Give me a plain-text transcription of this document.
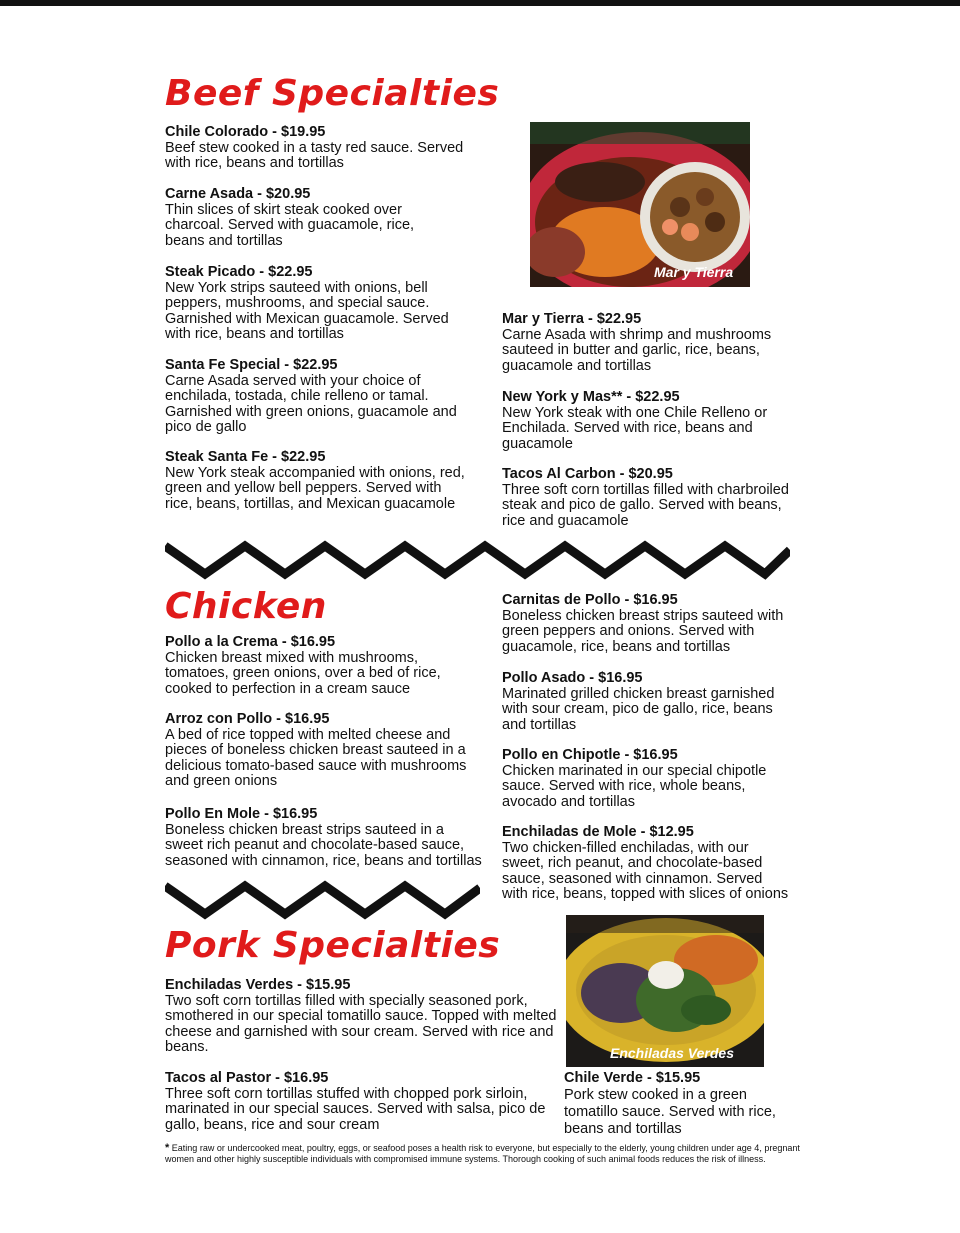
Beef Specialties
Chile Colorado - $19.95
Beef stew cooked in a tasty red sauce. Served with rice, beans and tortillas
Carne Asada - $20.95
Thin slices of skirt steak cooked over charcoal. Served with guacamole, rice, beans and tortillas
Steak Picado - $22.95
New York strips sauteed with onions, bell peppers, mushrooms, and special sauce. Garnished with Mexican guacamole. Served with rice, beans and tortillas
Santa Fe Special - $22.95
Carne Asada served with your choice of enchilada, tostada, chile relleno or tamal. Garnished with green onions, guacamole and pico de gallo
Steak Santa Fe - $22.95
New York steak accompanied with onions, red, green and yellow bell peppers. Served with rice, beans, tortillas, and Mexican guacamole
Mar y Tierra
Mar y Tierra - $22.95
Carne Asada with shrimp and mushrooms sauteed in butter and garlic, rice, beans, guacamole and tortillas
New York y Mas** - $22.95
New York steak with one Chile Relleno or Enchilada. Served with rice, beans and guacamole
Tacos Al Carbon - $20.95
Three soft corn tortillas filled with charbroiled steak and pico de gallo. Served with beans, rice and guacamole
Chicken
Pollo a la Crema - $16.95
Chicken breast mixed with mushrooms, tomatoes, green onions, over a bed of rice, cooked to perfection in a cream sauce
Arroz con Pollo - $16.95
A bed of rice topped with melted cheese and pieces of boneless chicken breast sauteed in a delicious tomato-based sauce with mushrooms and green onions
Pollo En Mole - $16.95
Boneless chicken breast strips sauteed in a sweet rich peanut and chocolate-based sauce, seasoned with cinnamon, rice, beans and tortillas
Carnitas de Pollo - $16.95
Boneless chicken breast strips sauteed with green peppers and onions. Served with guacamole, rice, beans and tortillas
Pollo Asado - $16.95
Marinated grilled chicken breast garnished with sour cream, pico de gallo, rice, beans and tortillas
Pollo en Chipotle - $16.95
Chicken marinated in our special chipotle sauce. Served with rice, whole beans, avocado and tortillas
Enchiladas de Mole - $12.95
Two chicken-filled enchiladas, with our sweet, rich peanut, and chocolate-based sauce, seasoned with cinnamon. Served with rice, beans, topped with slices of onions
Pork Specialties
Enchiladas Verdes - $15.95
Two soft corn tortillas filled with specially seasoned pork, smothered in our special tomatillo sauce. Topped with melted cheese and garnished with sour cream. Served with rice and beans.
Tacos al Pastor - $16.95
Three soft corn tortillas stuffed with chopped pork sirloin, marinated in our special sauces. Served with salsa, pico de gallo, beans, rice and sour cream
Enchiladas Verdes
Chile Verde - $15.95
Pork stew cooked in a green tomatillo sauce. Served with rice, beans and tortillas
* Eating raw or undercooked meat, poultry, eggs, or seafood poses a health risk to everyone, but especially to the elderly, young children under age 4, pregnant women and other highly susceptible individuals with compromised immune systems. Thorough cooking of such animal foods reduces the risk of illness.
